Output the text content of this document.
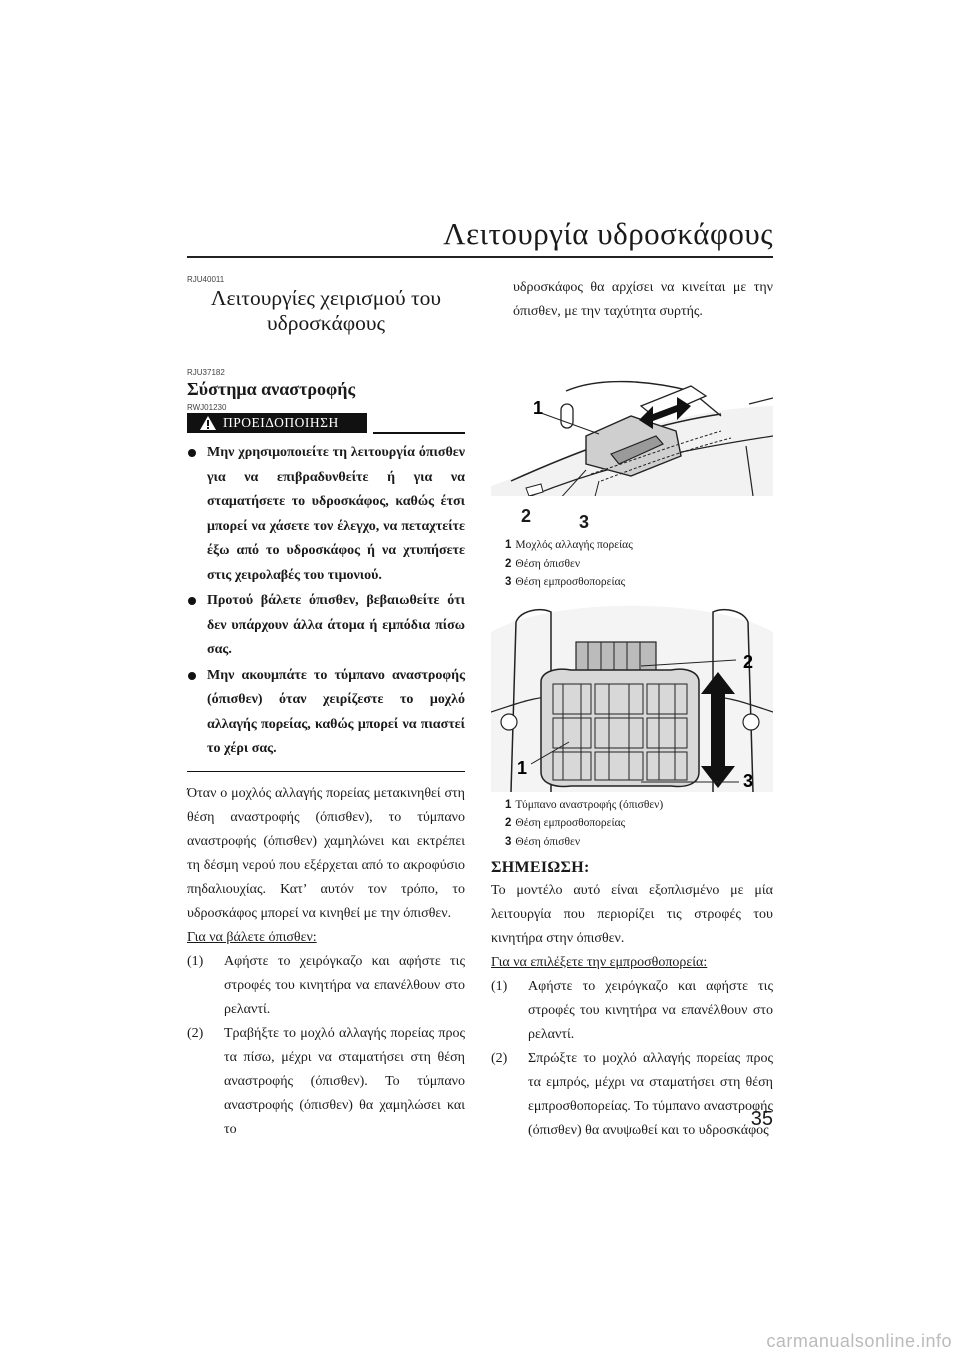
Λειτουργία υδροσκάφους
RJU40011
Λειτουργίες χειρισμού του
υδροσκάφους
RJU37182
Σύστημα αναστροφής
RWJ01230
ΠΡΟΕΙΔΟΠΟΙΗΣΗ
Μην χρησιμοποιείτε τη λειτουργία όπισθεν για να επιβραδυνθείτε ή για να σταματήσετε το υδροσκάφος, καθώς έτσι μπορεί να χάσετε τον έλεγχο, να πεταχτείτε έξω από το υδροσκάφος ή να χτυπήσετε στις χειρολαβές του τιμονιού.
Προτού βάλετε όπισθεν, βεβαιωθείτε ότι δεν υπάρχουν άλλα άτομα ή εμπόδια πίσω σας.
Μην ακουμπάτε το τύμπανο αναστροφής (όπισθεν) όταν χειρίζεστε το μοχλό αλλαγής πορείας, καθώς μπορεί να πιαστεί το χέρι σας.

Όταν ο μοχλός αλλαγής πορείας μετακινηθεί στη θέση αναστροφής (όπισθεν), το τύμπανο αναστροφής (όπισθεν) χαμηλώνει και εκτρέπει τη δέσμη νερού που εξέρχεται από το ακροφύσιο πηδαλιουχίας. Κατ’ αυτόν τον τρόπο, το υδροσκάφος μπορεί να κινηθεί με την όπισθεν.

Για να βάλετε όπισθεν:
(1) Αφήστε το χειρόγκαζο και αφήστε τις στροφές του κινητήρα να επανέλθουν στο ρελαντί.
(2) Τραβήξτε το μοχλό αλλαγής πορείας προς τα πίσω, μέχρι να σταματήσει στη θέση αναστροφής (όπισθεν). Το τύμπανο αναστροφής (όπισθεν) θα χαμηλώσει και το

υδροσκάφος θα αρχίσει να κινείται με την όπισθεν, με την ταχύτητα συρτής.

1
2	3
1 Μοχλός αλλαγής πορείας
2 Θέση όπισθεν
3 Θέση εμπροσθοπορείας
2
3
1
1 Τύμπανο αναστροφής (όπισθεν)
2 Θέση εμπροσθοπορείας
3 Θέση όπισθεν
ΣΗΜΕΙΩΣΗ:

Το μοντέλο αυτό είναι εξοπλισμένο με μία λειτουργία που περιορίζει τις στροφές του κινητήρα στην όπισθεν.

Για να επιλέξετε την εμπροσθοπορεία:
(1) Αφήστε το χειρόγκαζο και αφήστε τις στροφές του κινητήρα να επανέλθουν στο ρελαντί.
(2) Σπρώξτε το μοχλό αλλαγής πορείας προς τα εμπρός, μέχρι να σταματήσει στη θέση εμπροσθοπορείας. Το τύμπανο αναστροφής (όπισθεν) θα ανυψωθεί και το υδροσκάφος
35
carmanualsonline.info
